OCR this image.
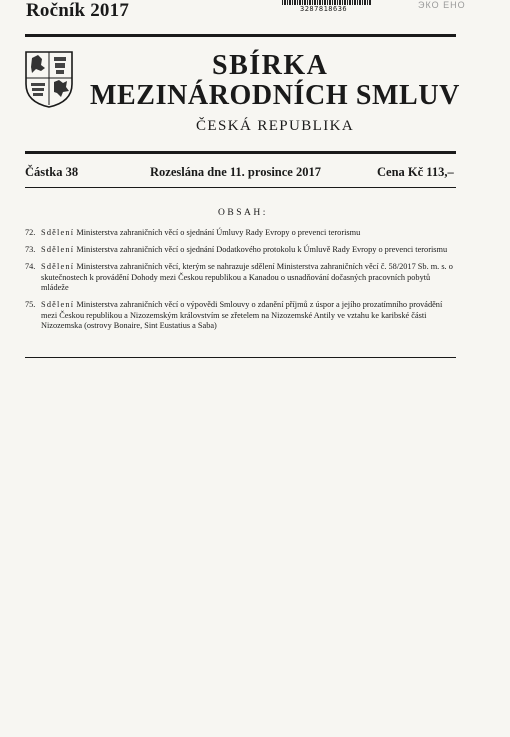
Ročník 2017	3287818636	ЭКО ЕНО
SBÍRKA
MEZINÁRODNÍCH SMLUV
ČESKÁ REPUBLIKA
Částka 38	Rozeslána dne 11. prosince 2017	Cena Kč 113,–
OBSAH:
72. Sdělení Ministerstva zahraničních věcí o sjednání Úmluvy Rady Evropy o prevenci terorismu
73. Sdělení Ministerstva zahraničních věcí o sjednání Dodatkového protokolu k Úmluvě Rady Evropy o prevenci terorismu
74. Sdělení Ministerstva zahraničních věcí, kterým se nahrazuje sdělení Ministerstva zahraničních věcí č. 58/2017 Sb. m. s. o skutečnostech k provádění Dohody mezi Českou republikou a Kanadou o usnadňování dočasných pracovních pobytů mládeže
75. Sdělení Ministerstva zahraničních věcí o výpovědi Smlouvy o zdanění příjmů z úspor a jejího prozatímního provádění mezi Českou republikou a Nizozemským královstvím se zřetelem na Nizozemské Antily ve vztahu ke karibské části Nizozemska (ostrovy Bonaire, Sint Eustatius a Saba)
